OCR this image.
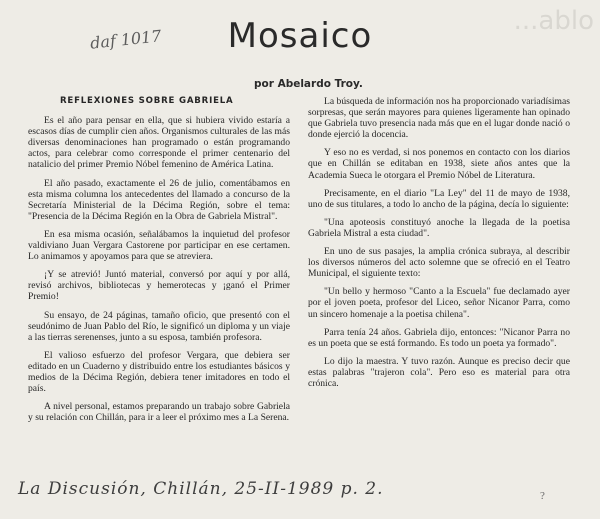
...ablo
daf 1017	Mosaico
por Abelardo Troy.
REFLEXIONES SOBRE GABRIELA

Es el año para pensar en ella, que si hubiera vivido estaría a escasos días de cumplir cien años. Organismos culturales de las más diversas denominaciones han programado o están programando actos, para celebrar como corresponde el primer centenario del natalicio del primer Premio Nóbel femenino de América Latina.

El año pasado, exactamente el 26 de julio, comentábamos en esta misma columna los antecedentes del llamado a concurso de la Secretaría Ministerial de la Décima Región, sobre el tema: "Presencia de la Décima Región en la Obra de Gabriela Mistral".

En esa misma ocasión, señalábamos la inquietud del profesor valdiviano Juan Vergara Castorene por participar en ese certamen. Lo animamos y apoyamos para que se atreviera.

¡Y se atrevió! Juntó material, conversó por aquí y por allá, revisó archivos, bibliotecas y hemerotecas y ¡ganó el Primer Premio!

Su ensayo, de 24 páginas, tamaño oficio, que presentó con el seudónimo de Juan Pablo del Río, le significó un diploma y un viaje a las tierras serenenses, junto a su esposa, también profesora.

El valioso esfuerzo del profesor Vergara, que debiera ser editado en un Cuaderno y distribuido entre los estudiantes básicos y medios de la Décima Región, debiera tener imitadores en todo el país.

A nivel personal, estamos preparando un trabajo sobre Gabriela y su relación con Chillán, para ir a leer el próximo mes a La Serena.

La búsqueda de información nos ha proporcionado variadísimas sorpresas, que serán mayores para quienes ligeramente han opinado que Gabriela tuvo presencia nada más que en el lugar donde nació o donde ejerció la docencia.

Y eso no es verdad, si nos ponemos en contacto con los diarios que en Chillán se editaban en 1938, siete años antes que la Academia Sueca le otorgara el Premio Nóbel de Literatura.

Precisamente, en el diario "La Ley" del 11 de mayo de 1938, uno de sus titulares, a todo lo ancho de la página, decía lo siguiente:

"Una apoteosis constituyó anoche la llegada de la poetisa Gabriela Mistral a esta ciudad".

En uno de sus pasajes, la amplia crónica subraya, al describir los diversos números del acto solemne que se ofreció en el Teatro Municipal, el siguiente texto:

"Un bello y hermoso "Canto a la Escuela" fue declamado ayer por el joven poeta, profesor del Liceo, señor Nicanor Parra, como un sincero homenaje a la poetisa chilena".

Parra tenía 24 años. Gabriela dijo, entonces: "Nicanor Parra no es un poeta que se está formando. Es todo un poeta ya formado".

Lo dijo la maestra. Y tuvo razón. Aunque es preciso decir que estas palabras "trajeron cola". Pero eso es material para otra crónica.

La Discusión, Chillán, 25-II-1989 p. 2.	?
